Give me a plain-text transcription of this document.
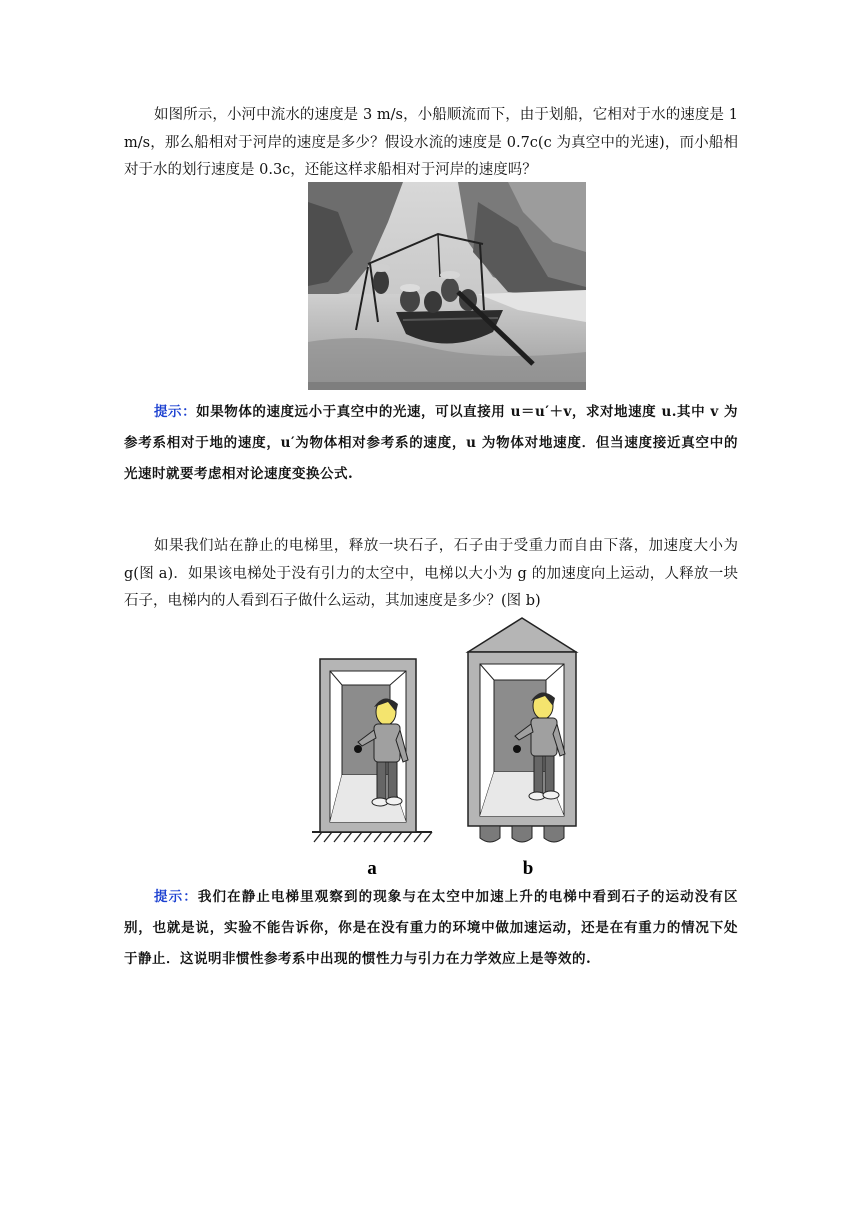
如图所示，小河中流水的速度是 3 m/s，小船顺流而下，由于划船，它相对于水的速度是 1 m/s，那么船相对于河岸的速度是多少？假设水流的速度是 0.7c(c 为真空中的光速)，而小船相对于水的划行速度是 0.3c，还能这样求船相对于河岸的速度吗？

提示：如果物体的速度远小于真空中的光速，可以直接用 u＝u′＋v，求对地速度 u.其中 v 为参考系相对于地的速度，u′为物体相对参考系的速度，u 为物体对地速度．但当速度接近真空中的光速时就要考虑相对论速度变换公式.

如果我们站在静止的电梯里，释放一块石子，石子由于受重力而自由下落，加速度大小为 g(图 a)．如果该电梯处于没有引力的太空中，电梯以大小为 g 的加速度向上运动，人释放一块石子，电梯内的人看到石子做什么运动，其加速度是多少？(图 b)

a	b

提示：我们在静止电梯里观察到的现象与在太空中加速上升的电梯中看到石子的运动没有区别，也就是说，实验不能告诉你，你是在没有重力的环境中做加速运动，还是在有重力的情况下处于静止．这说明非惯性参考系中出现的惯性力与引力在力学效应上是等效的.
